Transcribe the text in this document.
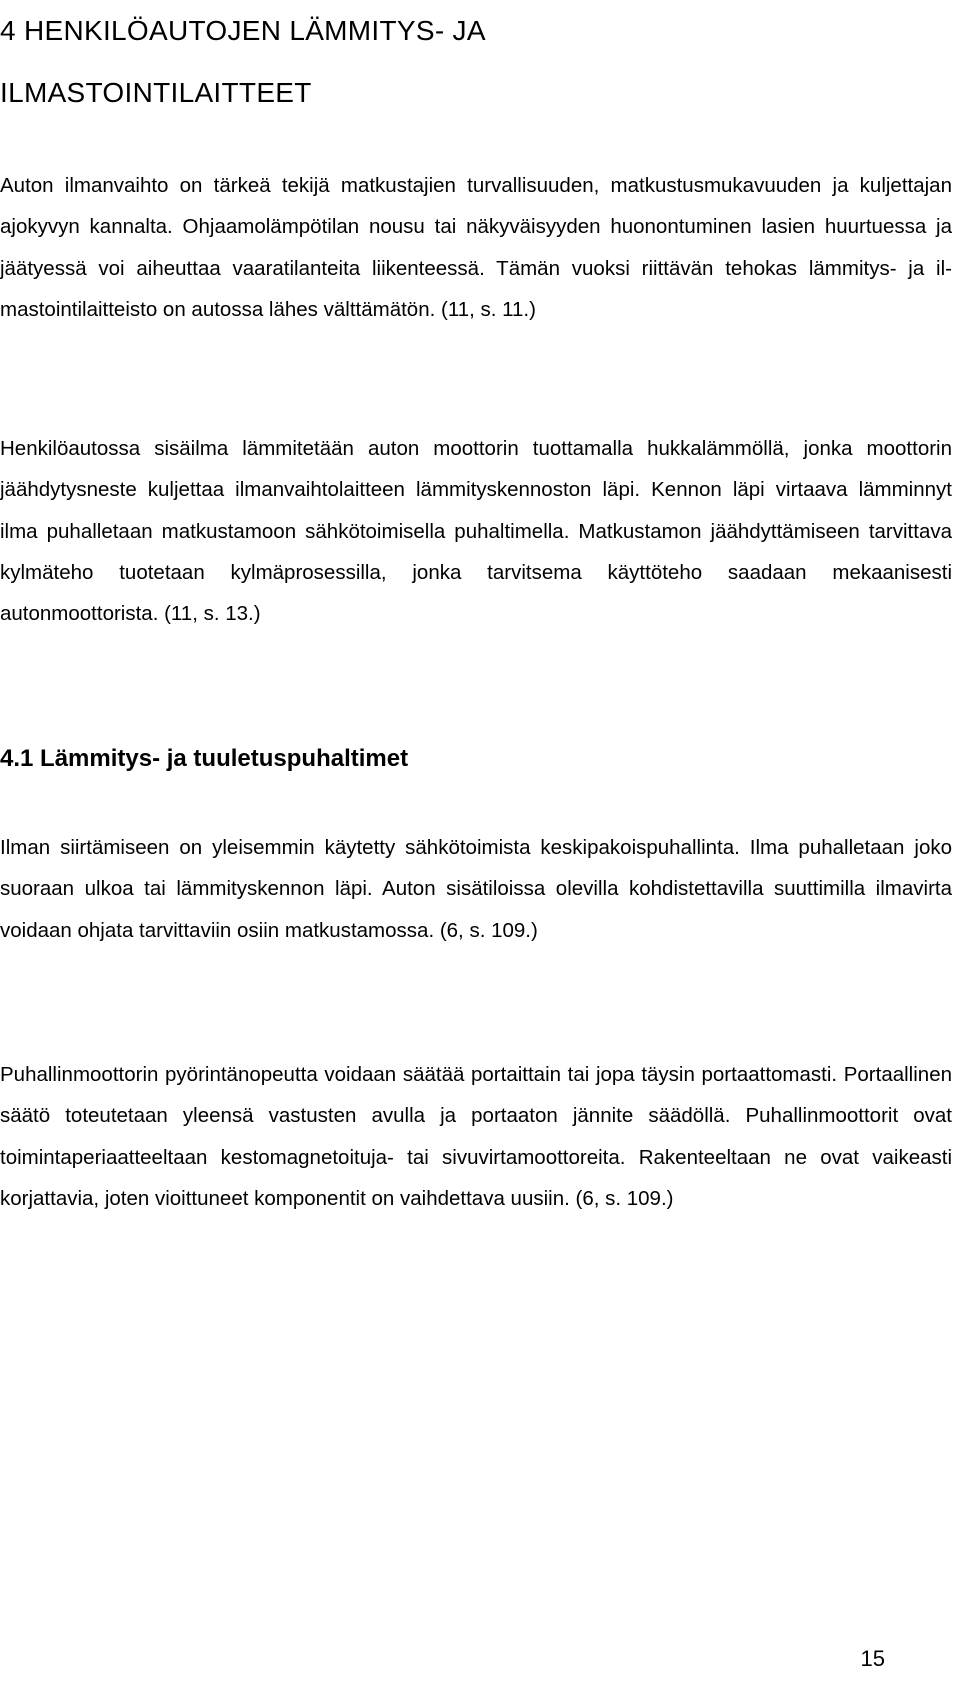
4 HENKILÖAUTOJEN LÄMMITYS- JA
ILMASTOINTILAITTEET

Auton ilmanvaihto on tärkeä tekijä matkustajien turvallisuuden, matkustusmukavuuden ja kuljettajan ajokyvyn kannalta. Ohjaamolämpötilan nousu tai näkyväisyyden huonontuminen lasien huurtuessa ja jäätyessä voi aiheuttaa vaaratilanteita liikenteessä. Tämän vuoksi riittävän tehokas lämmitys- ja ilmastointilaitteisto on autossa lähes välttämätön. (11, s. 11.)

Henkilöautossa sisäilma lämmitetään auton moottorin tuottamalla hukkalämmöllä, jonka moottorin jäähdytysneste kuljettaa ilmanvaihtolaitteen lämmityskennoston läpi. Kennon läpi virtaava lämminnyt ilma puhalletaan matkustamoon sähkötoimisella puhaltimella. Matkustamon jäähdyttämiseen tarvittava kylmäteho tuotetaan kylmäprosessilla, jonka tarvitsema käyttöteho saadaan mekaanisesti autonmoottorista. (11, s. 13.)

4.1 Lämmitys- ja tuuletuspuhaltimet

Ilman siirtämiseen on yleisemmin käytetty sähkötoimista keskipakoispuhallinta. Ilma puhalletaan joko suoraan ulkoa tai lämmityskennon läpi. Auton sisätiloissa olevilla kohdistettavilla suuttimilla ilmavirta voidaan ohjata tarvittaviin osiin matkustamossa. (6, s. 109.)

Puhallinmoottorin pyörintänopeutta voidaan säätää portaittain tai jopa täysin portaattomasti. Portaallinen säätö toteutetaan yleensä vastusten avulla ja portaaton jännite säädöllä. Puhallinmoottorit ovat toimintaperiaatteeltaan kestomagnetoituja- tai sivuvirtamoottoreita. Rakenteeltaan ne ovat vaikeasti korjattavia, joten vioittuneet komponentit on vaihdettava uusiin. (6, s. 109.)

15
